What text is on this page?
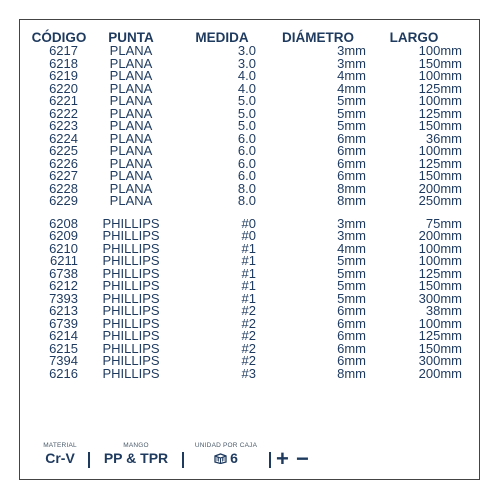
CÓDIGO	PUNTA	MEDIDA	DIÁMETRO	LARGO
6217	PLANA	3.0	3mm	100mm
6218	PLANA	3.0	3mm	150mm
6219	PLANA	4.0	4mm	100mm
6220	PLANA	4.0	4mm	125mm
6221	PLANA	5.0	5mm	100mm
6222	PLANA	5.0	5mm	125mm
6223	PLANA	5.0	5mm	150mm
6224	PLANA	6.0	6mm	36mm
6225	PLANA	6.0	6mm	100mm
6226	PLANA	6.0	6mm	125mm
6227	PLANA	6.0	6mm	150mm
6228	PLANA	8.0	8mm	200mm
6229	PLANA	8.0	8mm	250mm

6208	PHILLIPS	#0	3mm	75mm
6209	PHILLIPS	#0	3mm	200mm
6210	PHILLIPS	#1	4mm	100mm
6211	PHILLIPS	#1	5mm	100mm
6738	PHILLIPS	#1	5mm	125mm
6212	PHILLIPS	#1	5mm	150mm
7393	PHILLIPS	#1	5mm	300mm
6213	PHILLIPS	#2	6mm	38mm
6739	PHILLIPS	#2	6mm	100mm
6214	PHILLIPS	#2	6mm	125mm
6215	PHILLIPS	#2	6mm	150mm
7394	PHILLIPS	#2	6mm	300mm
6216	PHILLIPS	#3	8mm	200mm
MATERIAL
Cr-V
MANGO
PP & TPR
UNIDAD POR CAJA
6	+ −
